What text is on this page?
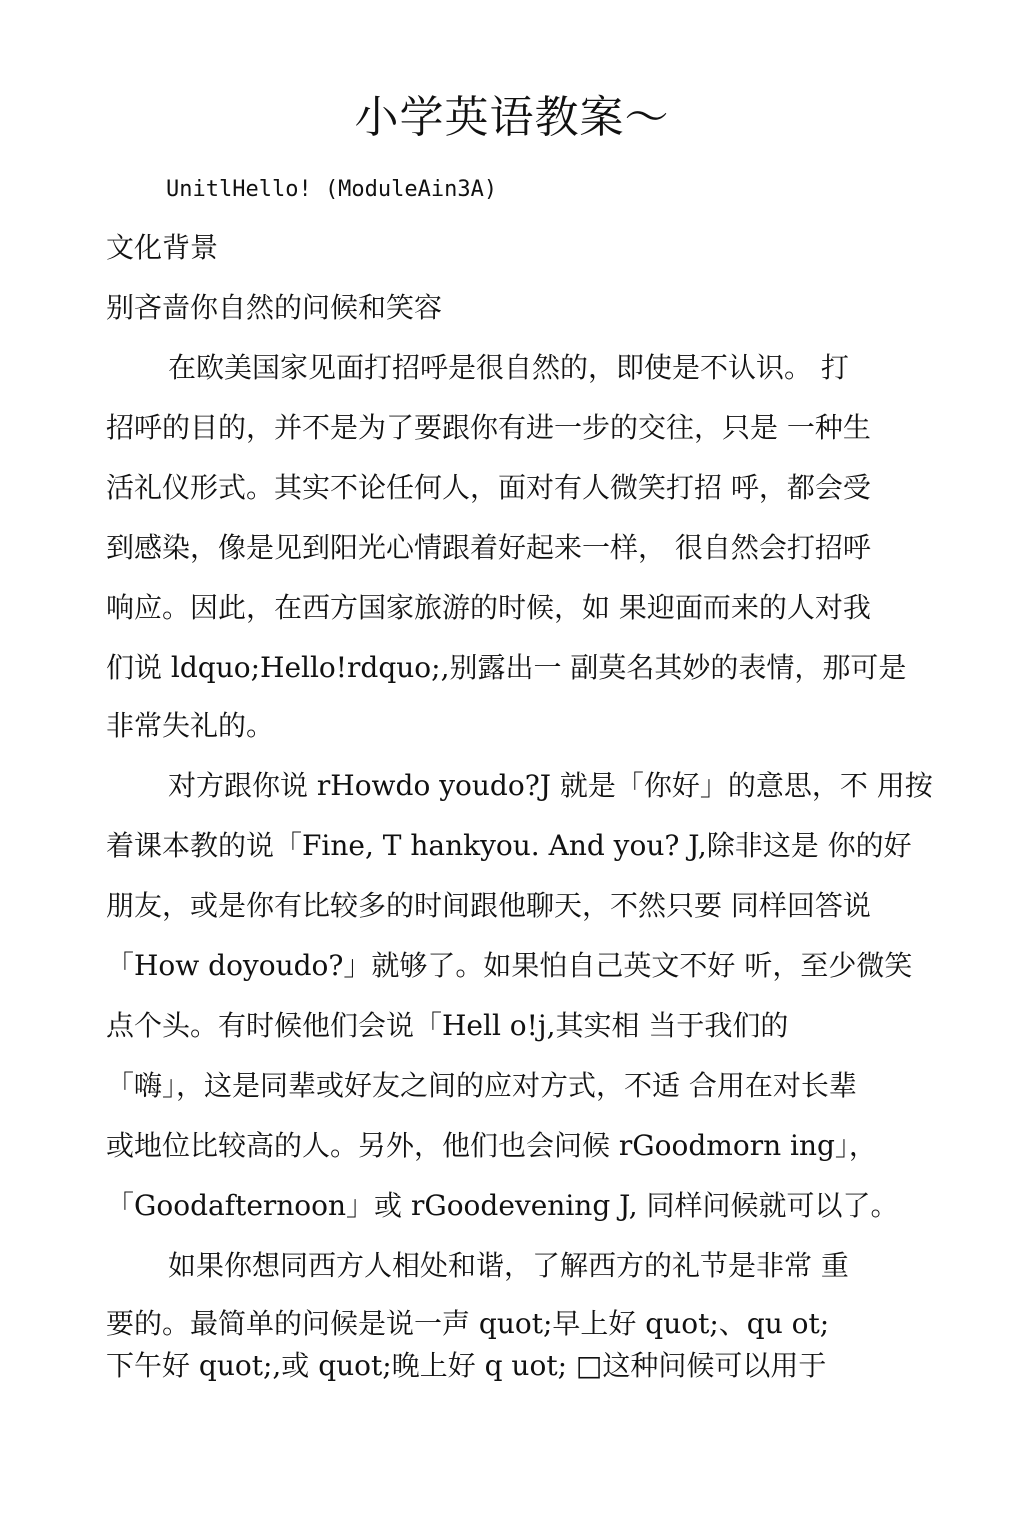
小学英语教案～

UnitlHello! (ModuleAin3A)

文化背景

别吝啬你自然的问候和笑容

在欧美国家见面打招呼是很自然的，即使是不认识。 打

招呼的目的，并不是为了要跟你有进一步的交往，只是 一种生

活礼仪形式。其实不论任何人，面对有人微笑打招 呼，都会受

到感染，像是见到阳光心情跟着好起来一样， 很自然会打招呼

响应。因此，在西方国家旅游的时候，如 果迎面而来的人对我

们说 ldquo;Hello!rdquo;,别露出一 副莫名其妙的表情，那可是

非常失礼的。

对方跟你说 rHowdo youdo?J 就是「你好」的意思，不 用按

着课本教的说「Fine, T hankyou. And you? J,除非这是 你的好

朋友，或是你有比较多的时间跟他聊天，不然只要 同样回答说

「How doyoudo?」就够了。如果怕自己英文不好 听，至少微笑

点个头。有时候他们会说「Hell o!j,其实相 当于我们的

「嗨」，这是同辈或好友之间的应对方式，不适 合用在对长辈

或地位比较高的人。另外，他们也会问候 rGoodmorn ing」，

「Goodafternoon」或 rGoodevening J, 同样问候就可以了。

如果你想同西方人相处和谐，了解西方的礼节是非常 重

要的。最简单的问候是说一声 quot;早上好 quot;、qu ot;

下午好 quot;,或 quot;晚上好 q uot; □这种问候可以用于
